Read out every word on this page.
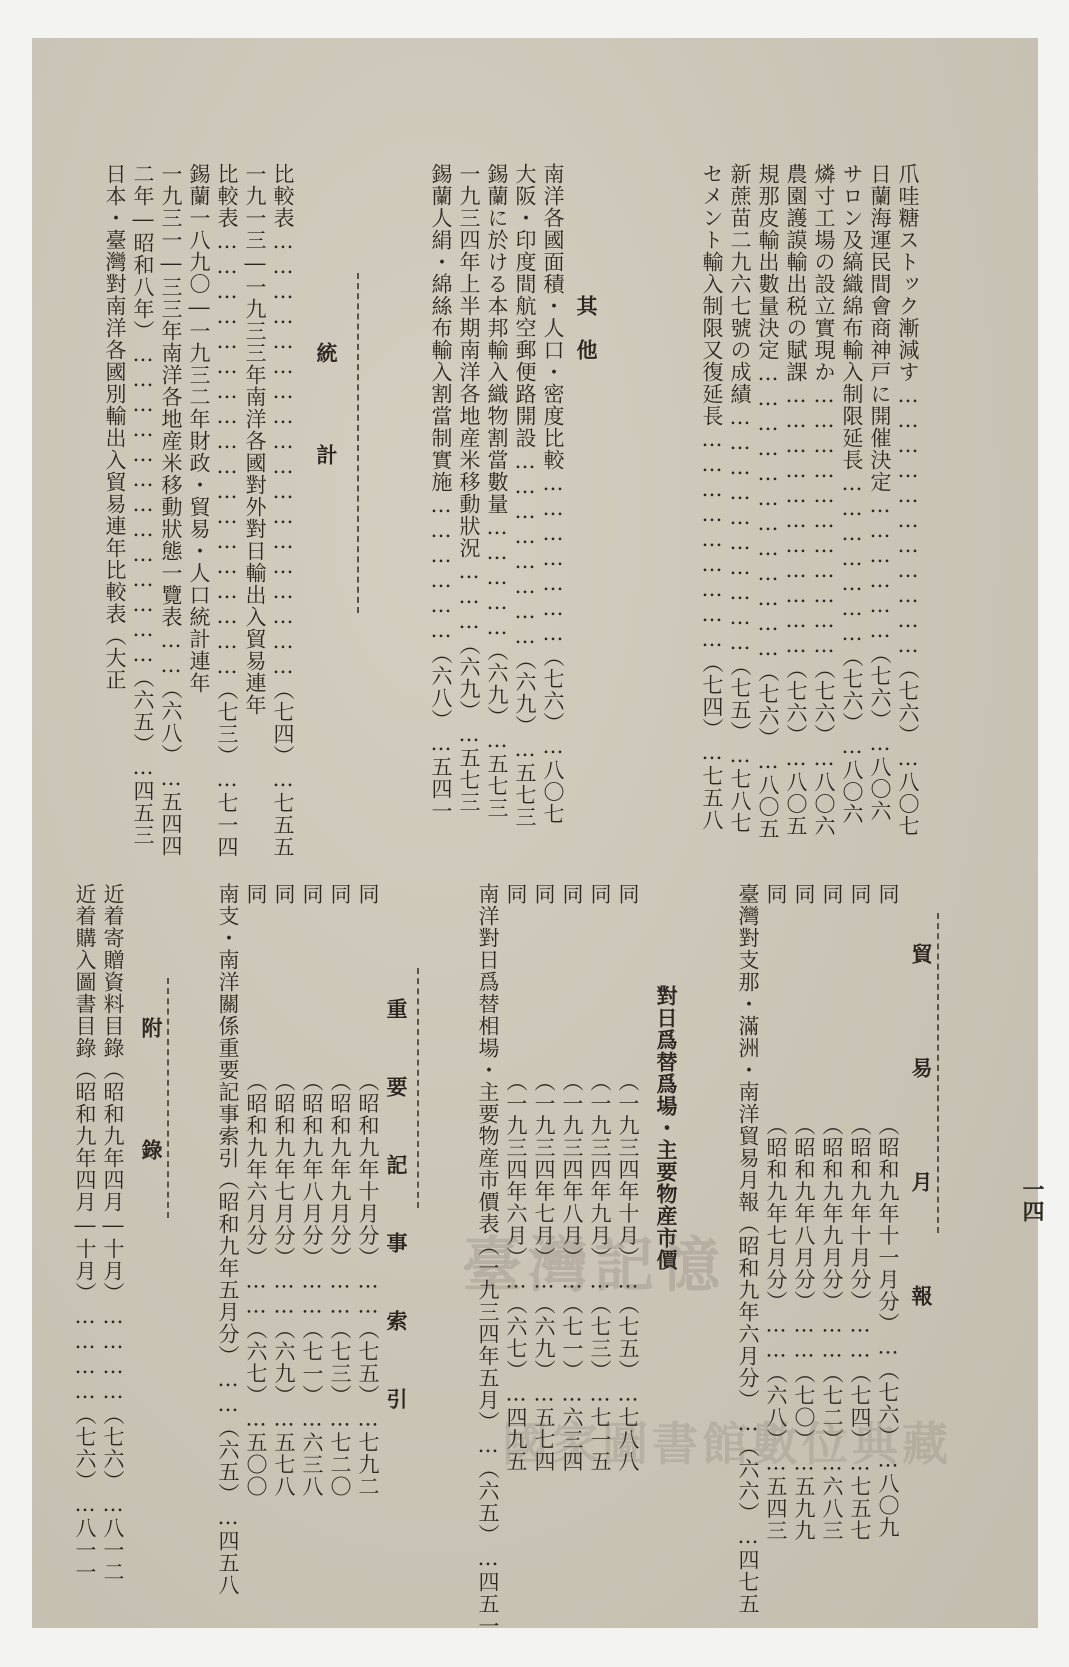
一四
爪哇糖ストック漸減す……………………………（七六）…八〇七
日蘭海運民間會商神戸に開催決定………………（七六）…八〇六
サロン及縞織綿布輸入制限延長…………………（七六）…八〇六
燐寸工場の設立實現か……………………………（七六）…八〇六
農園護謨輸出税の賦課……………………………（七六）…八〇五
規那皮輸出數量決定………………………………（七六）…八〇五
新蔗苗二九六七號の成績…………………………（七五）…七八七
セメント輸入制限又復延長………………………（七四）…七五八
其　他
南洋各國面積・人口・密度比較…………………（七六）…八〇七
大阪・印度間航空郵便路開設……………………（六九）…五七三
錫蘭に於ける本邦輸入織物割當數量……………（六九）…五七三
一九三四年上半期南洋各地産米移動狀況………（六九）…五七三
錫蘭人絹・綿絲布輸入割當制實施………………（六八）…五四一
統　計
比較表………………………………………………（七四）…七五五
一九一三―一九三三年南洋各國對外對日輸出入貿易連年
比較表………………………………………………（七三）…七一四
錫蘭一八九〇―一九三二年財政・貿易・人口統計連年
一九三一―三三年南洋各地産米移動狀態一覽表……（六八）…五四四
二年―昭和八年）…………………………………（六五）…四五三
日本・臺灣對南洋各國別輸出入貿易連年比較表（大正
貿　易　月　報
同　　　　　　　　　　（昭和九年十一月分）…（七六）…八〇九
同　　　　　　　　　　（昭和九年十月分）……（七四）…七五七
同　　　　　　　　　　（昭和九年九月分）……（七二）…六八三
同　　　　　　　　　　（昭和九年八月分）……（七〇）…五九九
同　　　　　　　　　　（昭和九年七月分）……（六八）…五四三
臺灣對支那・滿洲・南洋貿易月報（昭和九年六月分）…（六六）…四七五
對日爲替爲場・主要物産市價
同　　　　　　　　（一九三四年十月）…（七五）…七八八
同　　　　　　　　（一九三四年九月）…（七三）…七一五
同　　　　　　　　（一九三四年八月）…（七一）…六三四
同　　　　　　　　（一九三四年七月）…（六九）…五七四
同　　　　　　　　（一九三四年六月）…（六七）…四九五
南洋對日爲替相場・主要物産市價表（一九三四年五月）…（六五）…四五一
重　要　記　事　索　引
同　　　　　　　　（昭和九年十月分）……（七五）…七九二
同　　　　　　　　（昭和九年九月分）……（七三）…七二〇
同　　　　　　　　（昭和九年八月分）……（七一）…六三八
同　　　　　　　　（昭和九年七月分）……（六九）…五七八
同　　　　　　　　（昭和九年六月分）……（六七）…五〇〇
南支・南洋關係重要記事索引（昭和九年五月分）……（六五）…四五八
附　錄
近着寄贈資料目錄（昭和九年四月―十月）…………（七六）…八一二
近着購入圖書目錄（昭和九年四月―十月）…………（七六）…八一一	臺灣記憶
國家圖書館數位典藏
